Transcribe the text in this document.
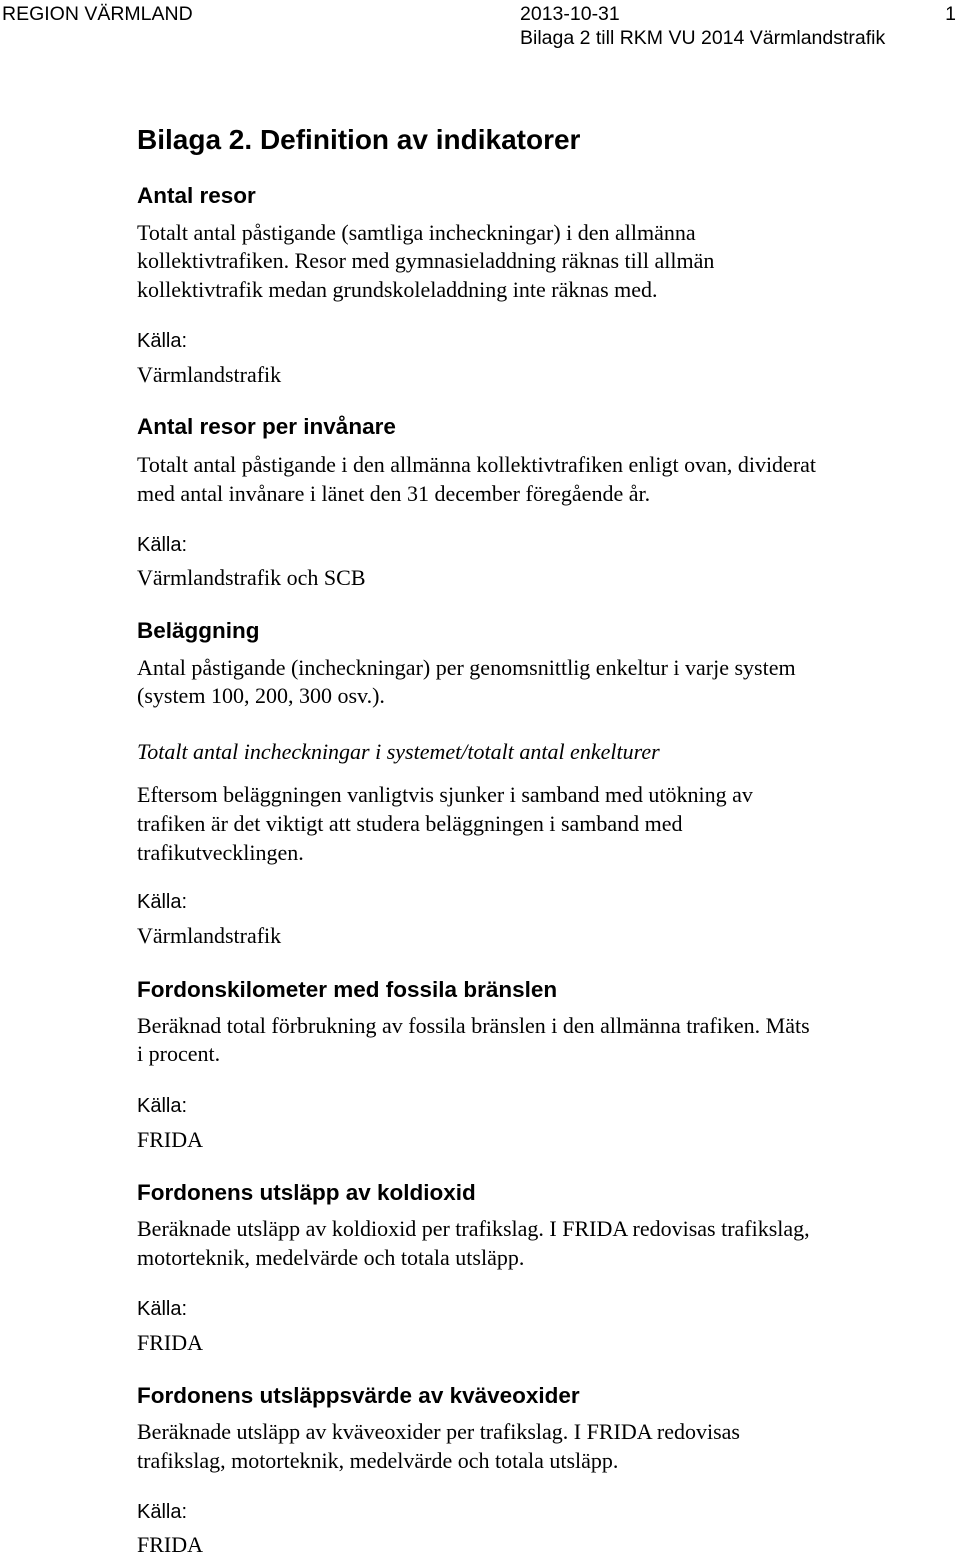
REGION VÄRMLAND	2013-10-31	1
Bilaga 2 till RKM VU 2014 Värmlandstrafik
Bilaga 2. Definition av indikatorer
Antal resor
Totalt antal påstigande (samtliga incheckningar) i den allmänna
kollektivtrafiken. Resor med gymnasieladdning räknas till allmän
kollektivtrafik medan grundskoleladdning inte räknas med.
Källa:
Värmlandstrafik
Antal resor per invånare
Totalt antal påstigande i den allmänna kollektivtrafiken enligt ovan, dividerat
med antal invånare i länet den 31 december föregående år.
Källa:
Värmlandstrafik och SCB
Beläggning
Antal påstigande (incheckningar) per genomsnittlig enkeltur i varje system
(system 100, 200, 300 osv.).
Totalt antal incheckningar i systemet/totalt antal enkelturer
Eftersom beläggningen vanligtvis sjunker i samband med utökning av
trafiken är det viktigt att studera beläggningen i samband med
trafikutvecklingen.
Källa:
Värmlandstrafik
Fordonskilometer med fossila bränslen
Beräknad total förbrukning av fossila bränslen i den allmänna trafiken. Mäts
i procent.
Källa:
FRIDA
Fordonens utsläpp av koldioxid
Beräknade utsläpp av koldioxid per trafikslag. I FRIDA redovisas trafikslag,
motorteknik, medelvärde och totala utsläpp.
Källa:
FRIDA
Fordonens utsläppsvärde av kväveoxider
Beräknade utsläpp av kväveoxider per trafikslag. I FRIDA redovisas
trafikslag, motorteknik, medelvärde och totala utsläpp.
Källa:
FRIDA
